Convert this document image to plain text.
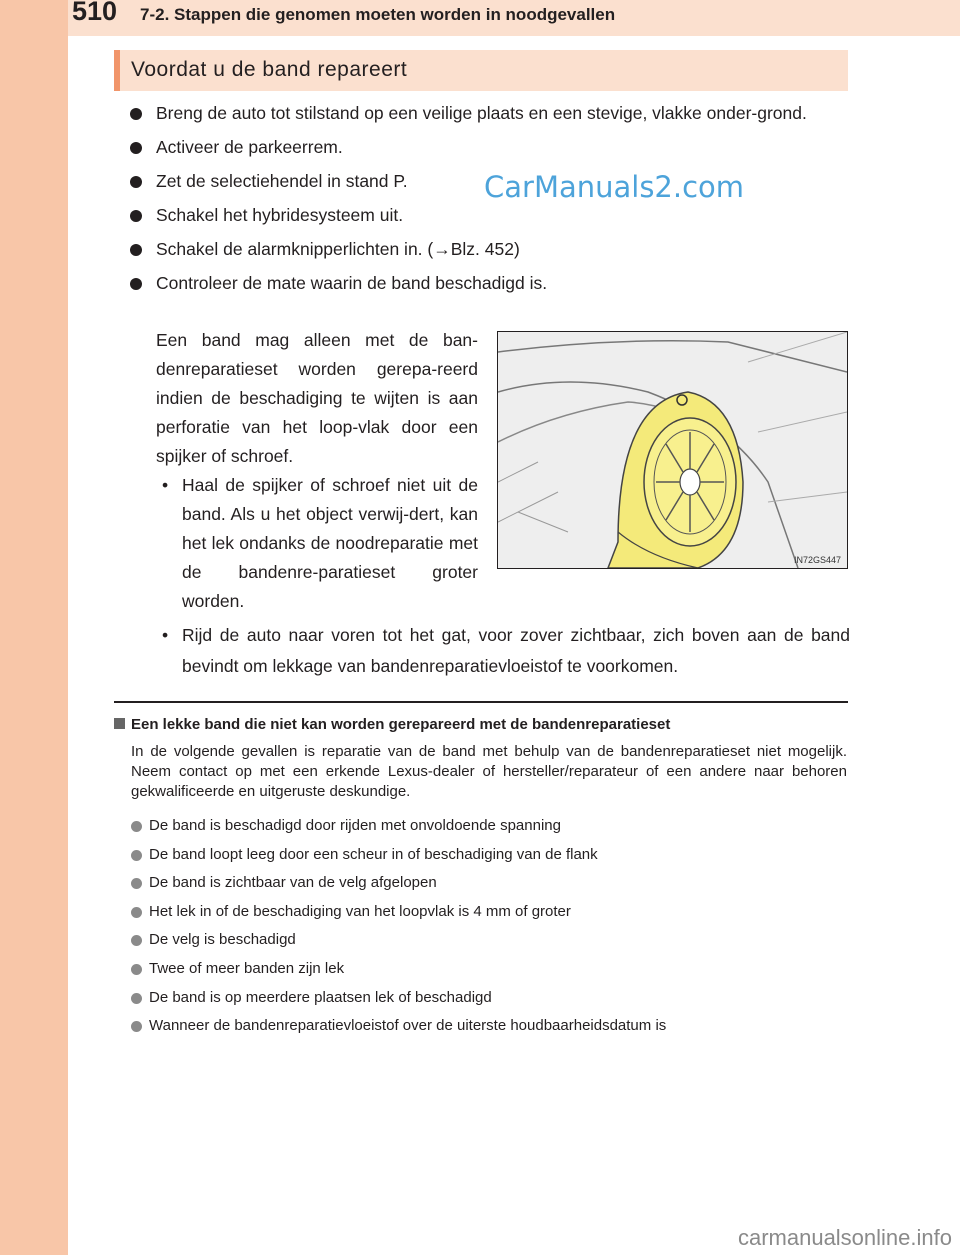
510 7-2. Stappen die genomen moeten worden in noodgevallen
Voordat u de band repareert
Breng de auto tot stilstand op een veilige plaats en een stevige, vlakke onder-grond.
Activeer de parkeerrem.
Zet de selectiehendel in stand P.
Schakel het hybridesysteem uit.
Schakel de alarmknipperlichten in. (→Blz. 452)
Controleer de mate waarin de band beschadigd is.
CarManuals2.com
Een band mag alleen met de ban-denreparatieset worden gerepa-reerd indien de beschadiging te wijten is aan perforatie van het loop-vlak door een spijker of schroef.
• Haal de spijker of schroef niet uit de band. Als u het object verwij-dert, kan het lek ondanks de noodreparatie met de bandenre-paratieset groter worden.
• Rijd de auto naar voren tot het gat, voor zover zichtbaar, zich boven aan de band bevindt om lekkage van bandenreparatievloeistof te voorkomen.
IN72GS447
Een lekke band die niet kan worden gerepareerd met de bandenreparatieset
In de volgende gevallen is reparatie van de band met behulp van de bandenreparatieset niet mogelijk. Neem contact op met een erkende Lexus-dealer of hersteller/reparateur of een andere naar behoren gekwalificeerde en uitgeruste deskundige.
De band is beschadigd door rijden met onvoldoende spanning
De band loopt leeg door een scheur in of beschadiging van de flank
De band is zichtbaar van de velg afgelopen
Het lek in of de beschadiging van het loopvlak is 4 mm of groter
De velg is beschadigd
Twee of meer banden zijn lek
De band is op meerdere plaatsen lek of beschadigd
Wanneer de bandenreparatievloeistof over de uiterste houdbaarheidsdatum is
carmanualsonline.info
